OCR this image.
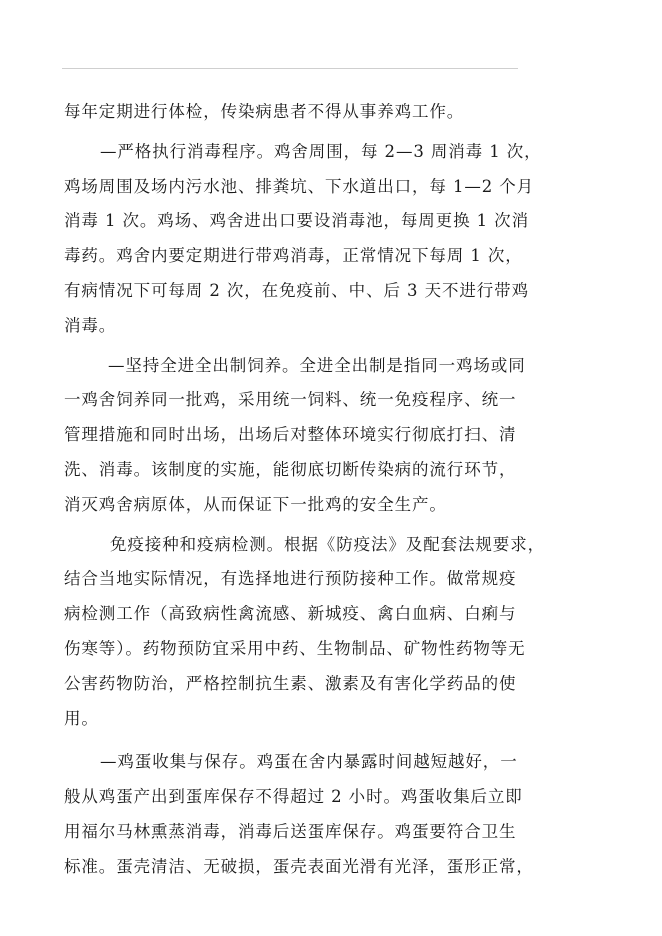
每年定期进行体检，传染病患者不得从事养鸡工作。
—严格执行消毒程序。鸡舍周围，每 2—3 周消毒 1 次，
鸡场周围及场内污水池、排粪坑、下水道出口，每 1—2 个月
消毒 1 次。鸡场、鸡舍进出口要设消毒池，每周更换 1 次消
毒药。鸡舍内要定期进行带鸡消毒，正常情况下每周 1 次，
有病情况下可每周 2 次，在免疫前、中、后 3 天不进行带鸡
消毒。
—坚持全进全出制饲养。全进全出制是指同一鸡场或同
一鸡舍饲养同一批鸡，采用统一饲料、统一免疫程序、统一
管理措施和同时出场，出场后对整体环境实行彻底打扫、清
洗、消毒。该制度的实施，能彻底切断传染病的流行环节，
消灭鸡舍病原体，从而保证下一批鸡的安全生产。
免疫接种和疫病检测。根据《防疫法》及配套法规要求，
结合当地实际情况，有选择地进行预防接种工作。做常规疫
病检测工作（高致病性禽流感、新城疫、禽白血病、白痢与
伤寒等）。药物预防宜采用中药、生物制品、矿物性药物等无
公害药物防治，严格控制抗生素、激素及有害化学药品的使
用。
—鸡蛋收集与保存。鸡蛋在舍内暴露时间越短越好，一
般从鸡蛋产出到蛋库保存不得超过 2 小时。鸡蛋收集后立即
用福尔马林熏蒸消毒，消毒后送蛋库保存。鸡蛋要符合卫生
标准。蛋壳清洁、无破损，蛋壳表面光滑有光泽，蛋形正常，
